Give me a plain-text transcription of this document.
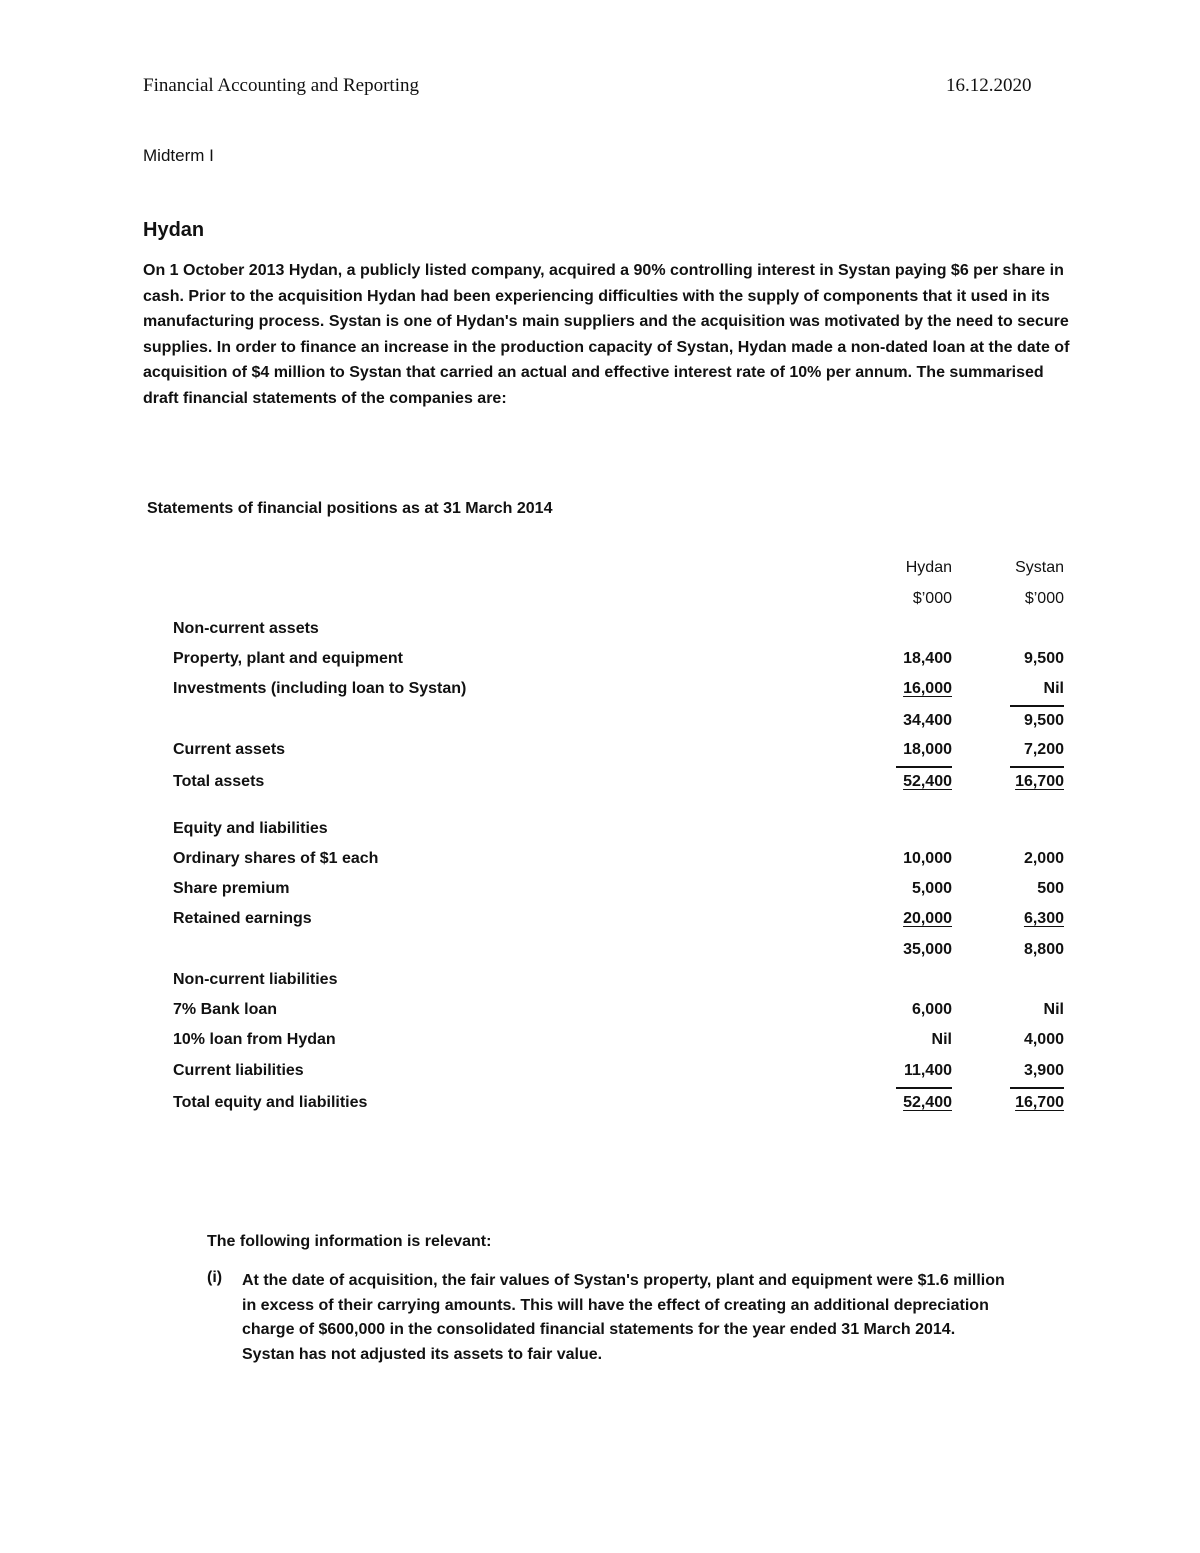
Financial Accounting and Reporting	16.12.2020
Midterm I
Hydan

On 1 October 2013 Hydan, a publicly listed company, acquired a 90% controlling interest in Systan paying $6 per share in cash. Prior to the acquisition Hydan had been experiencing difficulties with the supply of components that it used in its manufacturing process. Systan is one of Hydan's main suppliers and the acquisition was motivated by the need to secure supplies. In order to finance an increase in the production capacity of Systan, Hydan made a non-dated loan at the date of acquisition of $4 million to Systan that carried an actual and effective interest rate of 10% per annum. The summarised draft financial statements of the companies are:

Statements of financial positions as at 31 March 2014
Hydan	Systan
$’000	$’000
Non-current assets
Property, plant and equipment	18,400	9,500
Investments (including loan to Systan)	16,000	Nil
34,400	9,500
Current assets	18,000	7,200
Total assets	52,400	16,700
Equity and liabilities
Ordinary shares of $1 each	10,000	2,000
Share premium	5,000	500
Retained earnings	20,000	6,300
35,000	8,800
Non-current liabilities
7% Bank loan	6,000	Nil
10% loan from Hydan	Nil	4,000
Current liabilities	11,400	3,900
Total equity and liabilities	52,400	16,700
The following information is relevant:
(i) At the date of acquisition, the fair values of Systan's property, plant and equipment were $1.6 million in excess of their carrying amounts. This will have the effect of creating an additional depreciation charge of $600,000 in the consolidated financial statements for the year ended 31 March 2014. Systan has not adjusted its assets to fair value.
